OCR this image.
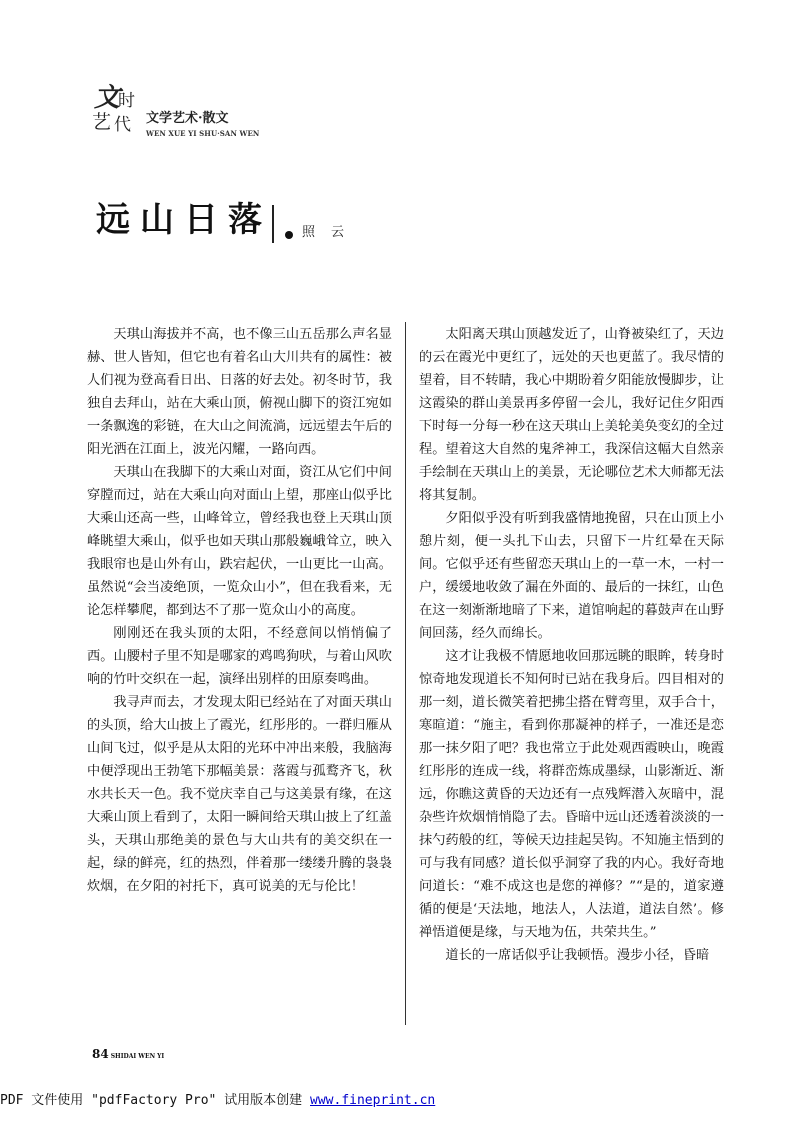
文
时
艺 代 文学艺术·散文
WEN XUE YI SHU·SAN WEN
远山日落 照云

天琪山海拔并不高，也不像三山五岳那么声名显赫、世人皆知，但它也有着名山大川共有的属性：被人们视为登高看日出、日落的好去处。初冬时节，我独自去拜山，站在大乘山顶，俯视山脚下的资江宛如一条飘逸的彩链，在大山之间流淌，远远望去午后的阳光洒在江面上，波光闪耀，一路向西。

天琪山在我脚下的大乘山对面，资江从它们中间穿膛而过，站在大乘山向对面山上望，那座山似乎比大乘山还高一些，山峰耸立，曾经我也登上天琪山顶峰眺望大乘山，似乎也如天琪山那般巍峨耸立，映入我眼帘也是山外有山，跌宕起伏，一山更比一山高。虽然说“会当凌绝顶，一览众山小”，但在我看来，无论怎样攀爬，都到达不了那一览众山小的高度。

刚刚还在我头顶的太阳，不经意间以悄悄偏了西。山腰村子里不知是哪家的鸡鸣狗吠，与着山风吹响的竹叶交织在一起，演绎出别样的田原奏鸣曲。

我寻声而去，才发现太阳已经站在了对面天琪山的头顶，给大山披上了霞光，红彤彤的。一群归雁从山间飞过，似乎是从太阳的光环中冲出来般，我脑海中便浮现出王勃笔下那幅美景：落霞与孤鹜齐飞，秋水共长天一色。我不觉庆幸自己与这美景有缘，在这大乘山顶上看到了，太阳一瞬间给天琪山披上了红盖头，天琪山那绝美的景色与大山共有的美交织在一起，绿的鲜亮，红的热烈，伴着那一缕缕升腾的袅袅炊烟，在夕阳的衬托下，真可说美的无与伦比！

太阳离天琪山顶越发近了，山脊被染红了，天边的云在霞光中更红了，远处的天也更蓝了。我尽情的望着，目不转睛，我心中期盼着夕阳能放慢脚步，让这霞染的群山美景再多停留一会儿，我好记住夕阳西下时每一分每一秒在这天琪山上美轮美奂变幻的全过程。望着这大自然的鬼斧神工，我深信这幅大自然亲手绘制在天琪山上的美景，无论哪位艺术大师都无法将其复制。

夕阳似乎没有听到我盛情地挽留，只在山顶上小憩片刻，便一头扎下山去，只留下一片红晕在天际间。它似乎还有些留恋天琪山上的一草一木，一村一户，缓缓地收敛了漏在外面的、最后的一抹红，山色在这一刻渐渐地暗了下来，道馆响起的暮鼓声在山野间回荡，经久而绵长。

这才让我极不情愿地收回那远眺的眼眸，转身时惊奇地发现道长不知何时已站在我身后。四目相对的那一刻，道长微笑着把拂尘搭在臂弯里，双手合十，寒暄道：“施主，看到你那凝神的样子，一准还是恋那一抹夕阳了吧？我也常立于此处观西霞映山，晚霞红彤彤的连成一线，将群峦炼成墨绿，山影渐近、渐远，你瞧这黄昏的天边还有一点残辉潜入灰暗中，混杂些许炊烟悄悄隐了去。昏暗中远山还透着淡淡的一抹勺药般的红，等候天边挂起吴钩。不知施主悟到的可与我有同感？道长似乎洞穿了我的内心。我好奇地问道长：“难不成这也是您的禅修？”“是的，道家遵循的便是‘天法地，地法人，人法道，道法自然’。修禅悟道便是缘，与天地为伍，共荣共生。”

道长的一席话似乎让我顿悟。漫步小径，昏暗

84 SHIDAI WEN YI
PDF 文件使用 "pdfFactory Pro" 试用版本创建 www.fineprint.cn
